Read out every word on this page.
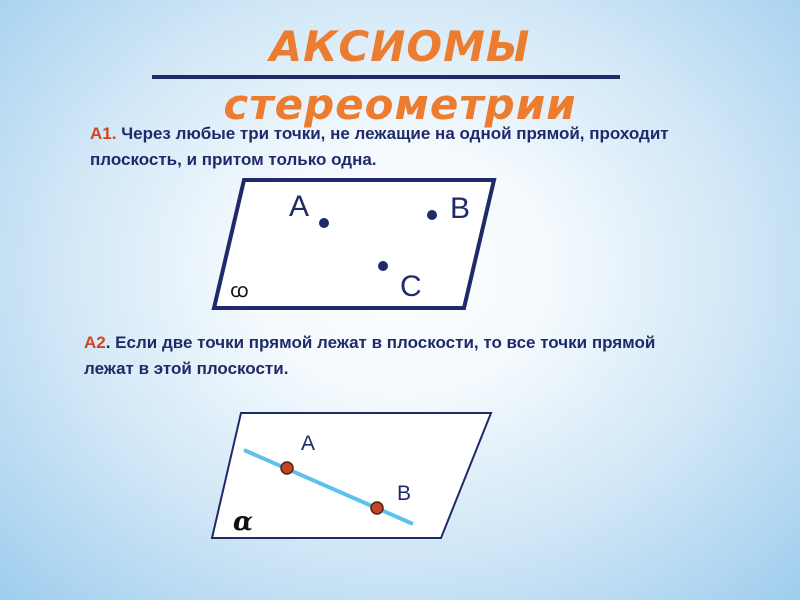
АКСИОМЫ
стереометрии

А1. Через любые три точки, не лежащие на одной прямой, проходит плоскость, и притом только одна.

А2. Если две точки прямой лежат в плоскости, то все точки прямой лежат в этой плоскости.

A	B
C
ꭃ
A
B
α
